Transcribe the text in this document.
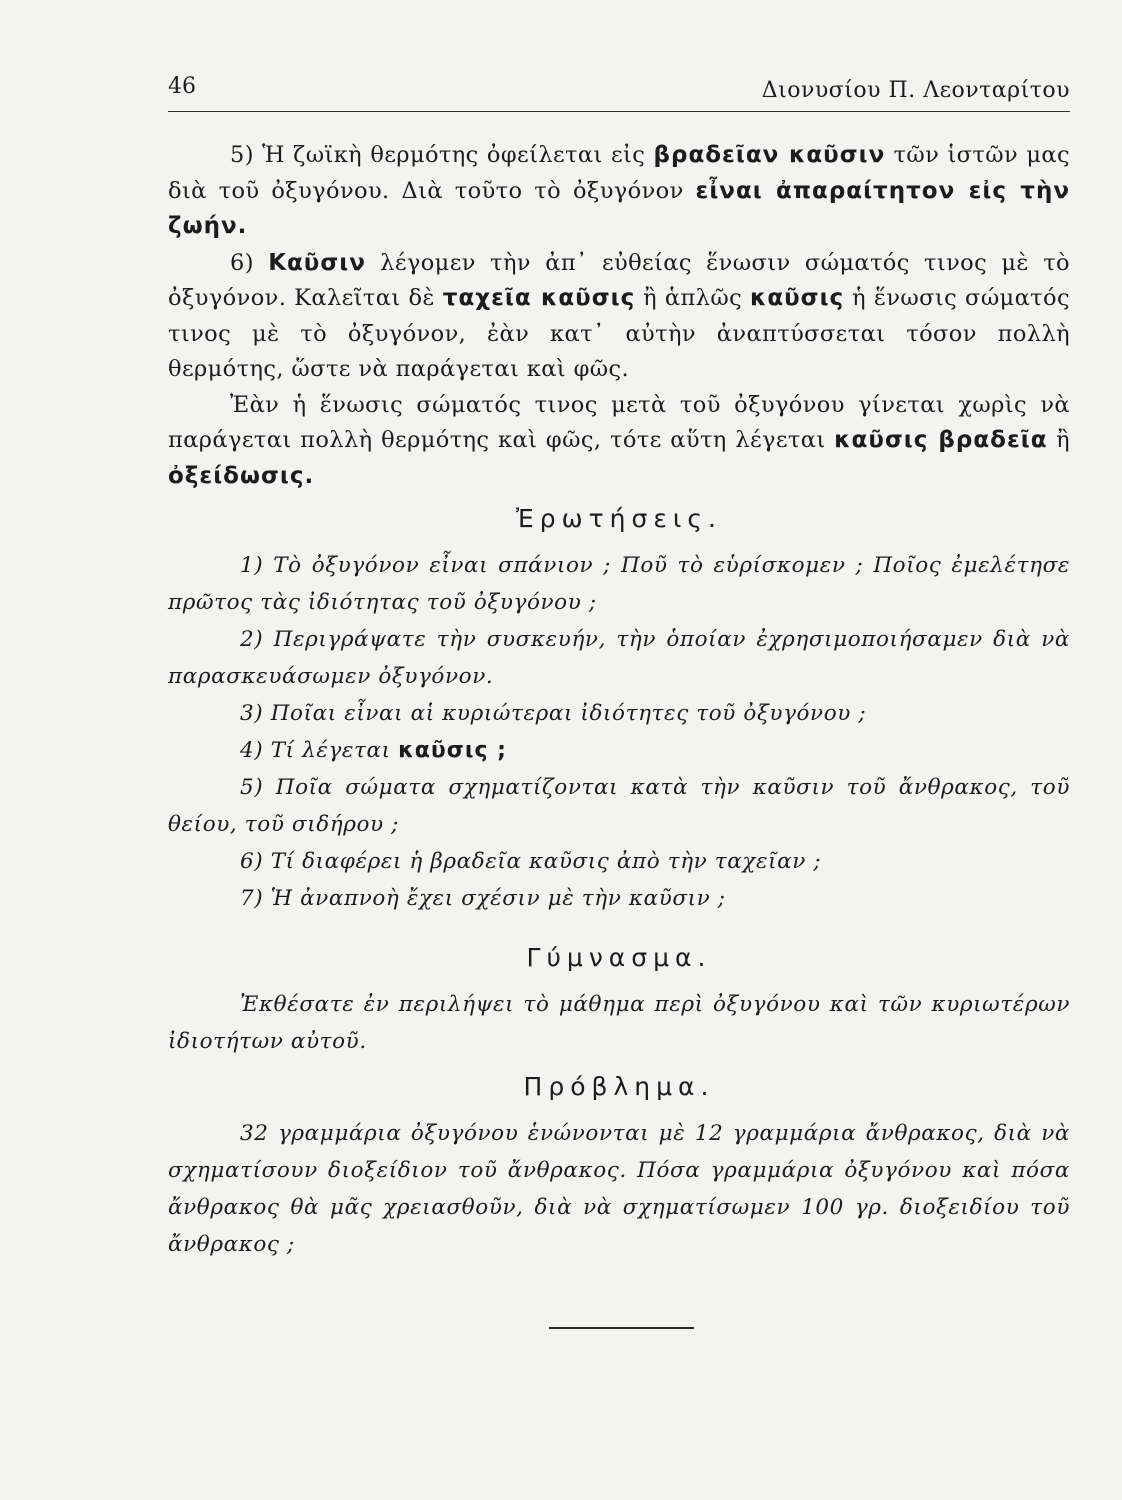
46	Διονυσίου Π. Λεονταρίτου

5) Ἡ ζωϊκὴ θερμότης ὀφείλεται εἰς βραδεῖαν καῦσιν τῶν ἱστῶν μας διὰ τοῦ ὀξυγόνου. Διὰ τοῦτο τὸ ὀξυγόνον εἶναι ἀπαραίτητον εἰς τὴν ζωήν.

6) Καῦσιν λέγομεν τὴν ἀπ᾽ εὐθείας ἕνωσιν σώματός τινος μὲ τὸ ὀξυγόνον. Καλεῖται δὲ ταχεῖα καῦσις ἢ ἁπλῶς καῦσις ἡ ἕνωσις σώματός τινος μὲ τὸ ὀξυγόνον, ἐὰν κατ᾽ αὐτὴν ἀναπτύσσεται τόσον πολλὴ θερμότης, ὥστε νὰ παράγεται καὶ φῶς.

Ἐὰν ἡ ἕνωσις σώματός τινος μετὰ τοῦ ὀξυγόνου γίνεται χωρὶς νὰ παράγεται πολλὴ θερμότης καὶ φῶς, τότε αὕτη λέγεται καῦσις βραδεῖα ἢ ὀξείδωσις.

Ἐρωτήσεις.

1) Τὸ ὀξυγόνον εἶναι σπάνιον ; Ποῦ τὸ εὑρίσκομεν ; Ποῖος ἐμελέτησε πρῶτος τὰς ἰδιότητας τοῦ ὀξυγόνου ;

2) Περιγράψατε τὴν συσκευήν, τὴν ὁποίαν ἐχρησιμοποιήσαμεν διὰ νὰ παρασκευάσωμεν ὀξυγόνον.

3) Ποῖαι εἶναι αἱ κυριώτεραι ἰδιότητες τοῦ ὀξυγόνου ;

4) Τί λέγεται καῦσις ;

5) Ποῖα σώματα σχηματίζονται κατὰ τὴν καῦσιν τοῦ ἄνθρακος, τοῦ θείου, τοῦ σιδήρου ;

6) Τί διαφέρει ἡ βραδεῖα καῦσις ἀπὸ τὴν ταχεῖαν ;

7) Ἡ ἀναπνοὴ ἔχει σχέσιν μὲ τὴν καῦσιν ;

Γύμνασμα.

Ἐκθέσατε ἐν περιλήψει τὸ μάθημα περὶ ὀξυγόνου καὶ τῶν κυριωτέρων ἰδιοτήτων αὐτοῦ.

Πρόβλημα.

32 γραμμάρια ὀξυγόνου ἑνώνονται μὲ 12 γραμμάρια ἄνθρακος, διὰ νὰ σχηματίσουν διοξείδιον τοῦ ἄνθρακος. Πόσα γραμμάρια ὀξυγόνου καὶ πόσα ἄνθρακος θὰ μᾶς χρειασθοῦν, διὰ νὰ σχηματίσωμεν 100 γρ. διοξειδίου τοῦ ἄνθρακος ;
